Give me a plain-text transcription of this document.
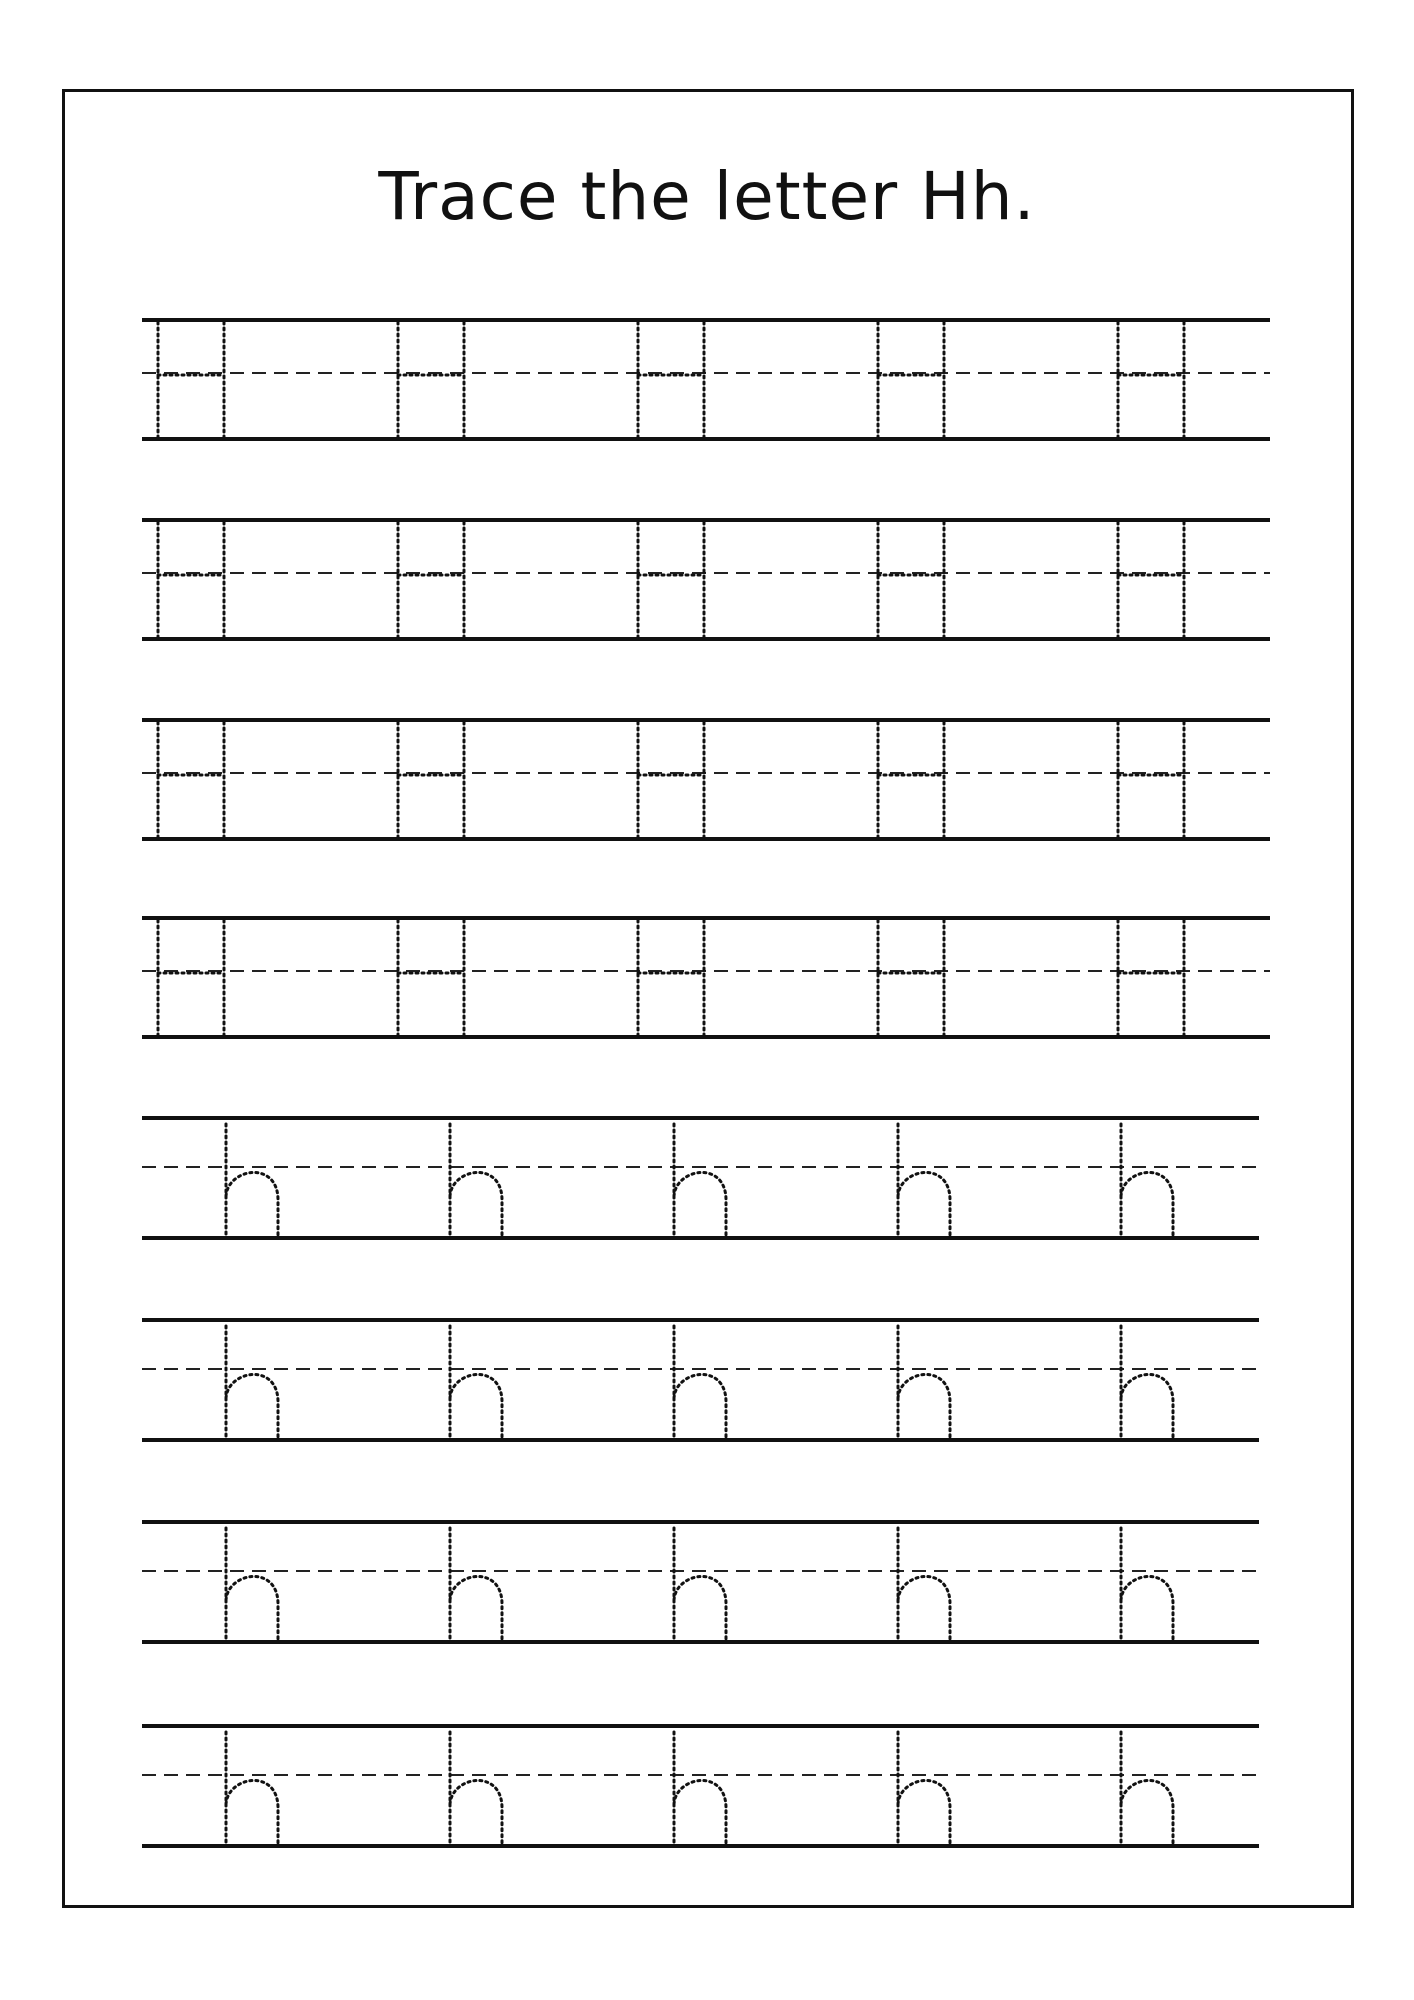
Trace the letter Hh.
